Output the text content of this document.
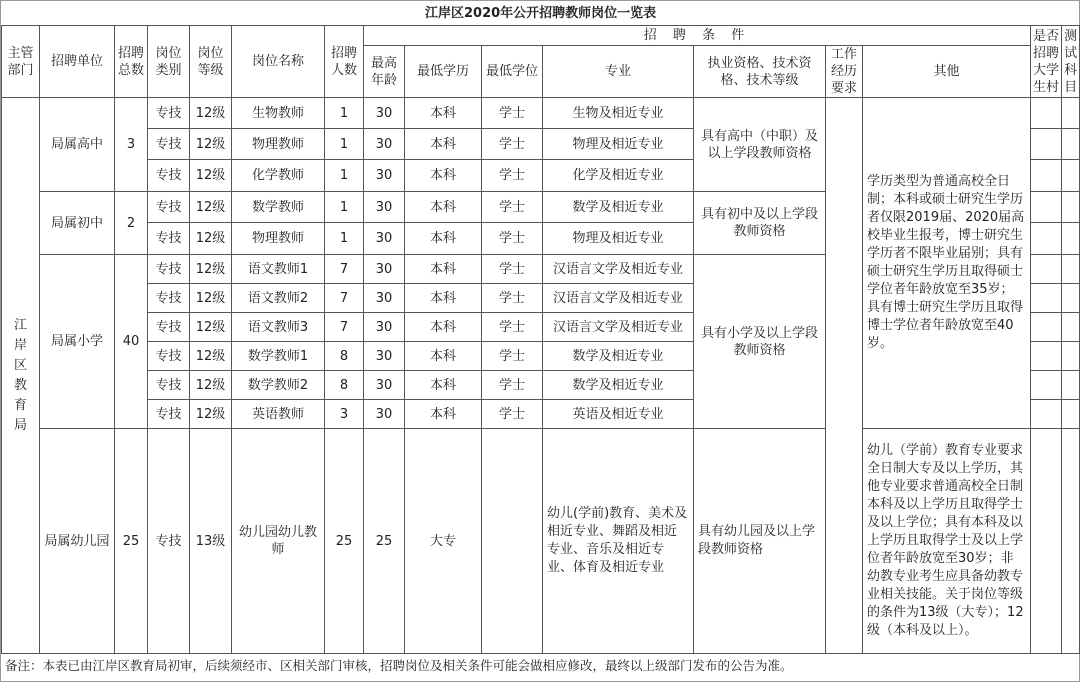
江岸区2020年公开招聘教师岗位一览表															
主管部门	招聘单位	招聘总数	岗位类别	岗位等级	岗位名称	招聘人数	招 聘 条 件							是否招聘大学生村	测试科目
							最高年龄	最低学历	最低学位	专业	执业资格、技术资格、技术等级	工作经历要求	其他		
江岸区教育局	局属高中	3	专技	12级	生物教师	1	30	本科	学士	生物及相近专业	具有高中（中职）及以上学段教师资格		学历类型为普通高校全日制；本科或硕士研究生学历者仅限2019届、2020届高校毕业生报考，博士研究生学历者不限毕业届别；具有硕士研究生学历且取得硕士学位者年龄放宽至35岁；具有博士研究生学历且取得博士学位者年龄放宽至40岁。		
			专技	12级	物理教师	1	30	本科	学士	物理及相近专业					
			专技	12级	化学教师	1	30	本科	学士	化学及相近专业					
	局属初中	2	专技	12级	数学教师	1	30	本科	学士	数学及相近专业	具有初中及以上学段教师资格				
			专技	12级	物理教师	1	30	本科	学士	物理及相近专业					
	局属小学	40	专技	12级	语文教师1	7	30	本科	学士	汉语言文学及相近专业	具有小学及以上学段教师资格				
			专技	12级	语文教师2	7	30	本科	学士	汉语言文学及相近专业					
			专技	12级	语文教师3	7	30	本科	学士	汉语言文学及相近专业					
			专技	12级	数学教师1	8	30	本科	学士	数学及相近专业					
			专技	12级	数学教师2	8	30	本科	学士	数学及相近专业					
			专技	12级	英语教师	3	30	本科	学士	英语及相近专业					
	局属幼儿园	25	专技	13级	幼儿园幼儿教师	25	25	大专		幼儿(学前)教育、美术及相近专业、舞蹈及相近专业、音乐及相近专业、体育及相近专业	具有幼儿园及以上学段教师资格		幼儿（学前）教育专业要求全日制大专及以上学历，其他专业要求普通高校全日制本科及以上学历且取得学士及以上学位；具有本科及以上学历且取得学士及以上学位者年龄放宽至30岁；非幼教专业考生应具备幼教专业相关技能。关于岗位等级的条件为13级（大专）；12级（本科及以上）。		
备注：本表已由江岸区教育局初审，后续须经市、区相关部门审核，招聘岗位及相关条件可能会做相应修改，最终以上级部门发布的公告为准。
